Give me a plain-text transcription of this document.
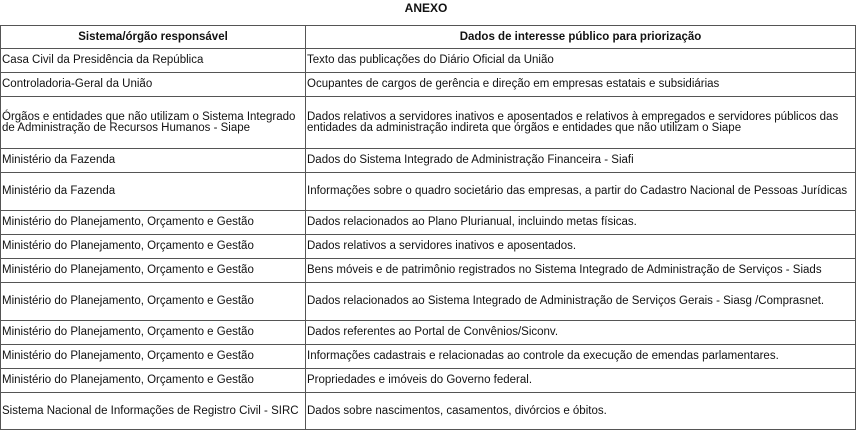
ANEXO
Sistema/órgão responsável	Dados de interesse público para priorização
Casa Civil da Presidência da República	Texto das publicações do Diário Oficial da União
Controladoria-Geral da União	Ocupantes de cargos de gerência e direção em empresas estatais e subsidiárias
Órgãos e entidades que não utilizam o Sistema Integrado de Administração de Recursos Humanos - Siape	Dados relativos a servidores inativos e aposentados e relativos à empregados e servidores públicos das entidades da administração indireta que órgãos e entidades que não utilizam o Siape
Ministério da Fazenda	Dados do Sistema Integrado de Administração Financeira - Siafi
Ministério da Fazenda	Informações sobre o quadro societário das empresas, a partir do Cadastro Nacional de Pessoas Jurídicas
Ministério do Planejamento, Orçamento e Gestão	Dados relacionados ao Plano Plurianual, incluindo metas físicas.
Ministério do Planejamento, Orçamento e Gestão	Dados relativos a servidores inativos e aposentados.
Ministério do Planejamento, Orçamento e Gestão	Bens móveis e de patrimônio registrados no Sistema Integrado de Administração de Serviços - Siads
Ministério do Planejamento, Orçamento e Gestão	Dados relacionados ao Sistema Integrado de Administração de Serviços Gerais - Siasg /Comprasnet.
Ministério do Planejamento, Orçamento e Gestão	Dados referentes ao Portal de Convênios/Siconv.
Ministério do Planejamento, Orçamento e Gestão	Informações cadastrais e relacionadas ao controle da execução de emendas parlamentares.
Ministério do Planejamento, Orçamento e Gestão	Propriedades e imóveis do Governo federal.
Sistema Nacional de Informações de Registro Civil - SIRC	Dados sobre nascimentos, casamentos, divórcios e óbitos.
